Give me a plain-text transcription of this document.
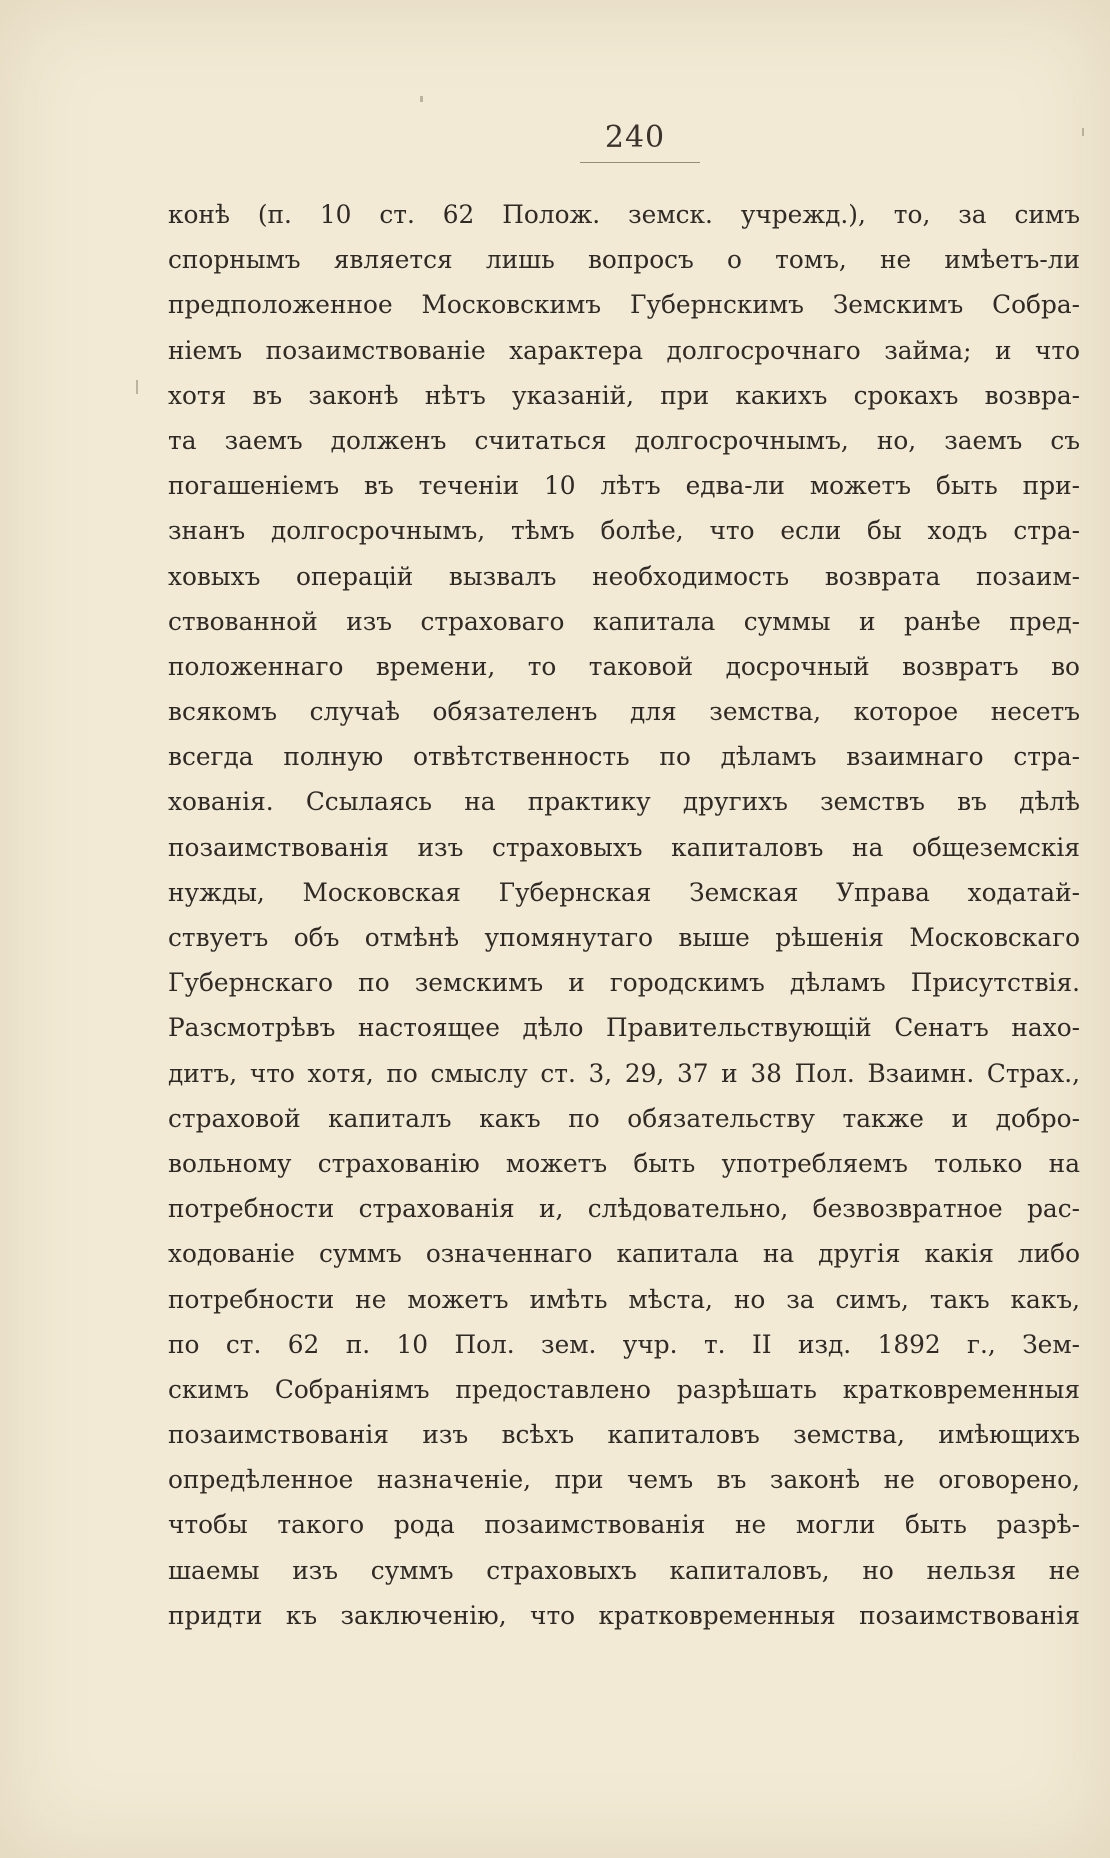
240
конѣ (п. 10 ст. 62 Полож. земск. учрежд.), то, за симъ
спорнымъ является лишь вопросъ о томъ, не имѣетъ-ли
предположенное Московскимъ Губернскимъ Земскимъ Собра-
ніемъ позаимствованіе характера долгосрочнаго займа; и что
хотя въ законѣ нѣтъ указаній, при какихъ срокахъ возвра-
та заемъ долженъ считаться долгосрочнымъ, но, заемъ съ
погашеніемъ въ теченіи 10 лѣтъ едва-ли можетъ быть при-
знанъ долгосрочнымъ, тѣмъ болѣе, что если бы ходъ стра-
ховыхъ операцій вызвалъ необходимость возврата позаим-
ствованной изъ страховаго капитала суммы и ранѣе пред-
положеннаго времени, то таковой досрочный возвратъ во
всякомъ случаѣ обязателенъ для земства, которое несетъ
всегда полную отвѣтственность по дѣламъ взаимнаго стра-
хованія. Ссылаясь на практику другихъ земствъ въ дѣлѣ
позаимствованія изъ страховыхъ капиталовъ на общеземскія
нужды, Московская Губернская Земская Управа ходатай-
ствуетъ объ отмѣнѣ упомянутаго выше рѣшенія Московскаго
Губернскаго по земскимъ и городскимъ дѣламъ Присутствія.
Разсмотрѣвъ настоящее дѣло Правительствующій Сенатъ нахо-
дитъ, что хотя, по смыслу ст. 3, 29, 37 и 38 Пол. Взаимн. Страх.,
страховой капиталъ какъ по обязательству также и добро-
вольному страхованію можетъ быть употребляемъ только на
потребности страхованія и, слѣдовательно, безвозвратное рас-
ходованіе суммъ означеннаго капитала на другія какія либо
потребности не можетъ имѣть мѣста, но за симъ, такъ какъ,
по ст. 62 п. 10 Пол. зем. учр. т. II изд. 1892 г., Зем-
скимъ Собраніямъ предоставлено разрѣшать кратковременныя
позаимствованія изъ всѣхъ капиталовъ земства, имѣющихъ
опредѣленное назначеніе, при чемъ въ законѣ не оговорено,
чтобы такого рода позаимствованія не могли быть разрѣ-
шаемы изъ суммъ страховыхъ капиталовъ, но нельзя не
придти къ заключенію, что кратковременныя позаимствованія
